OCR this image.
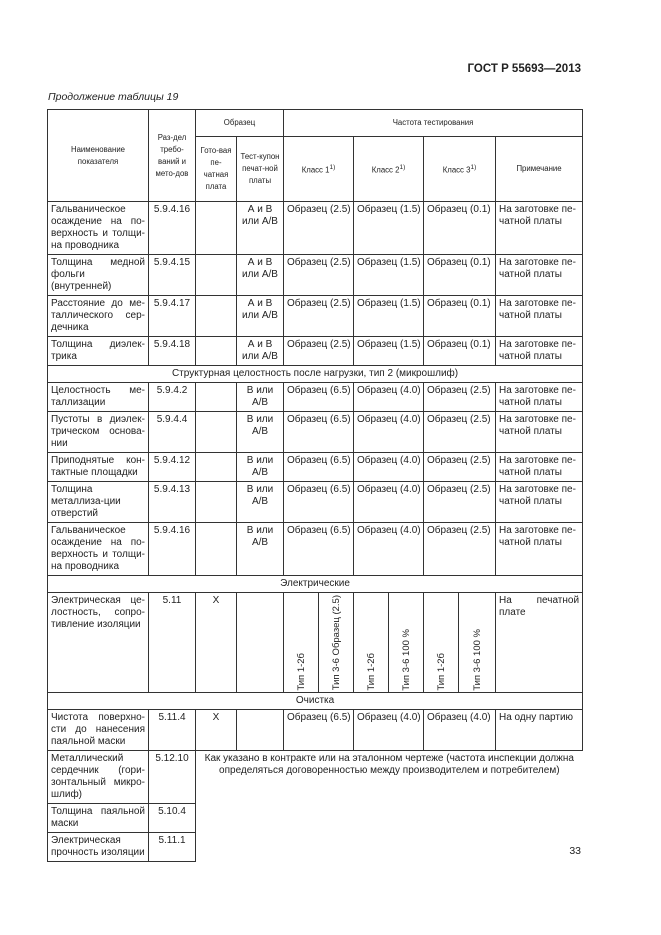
ГОСТ Р 55693—2013
Продолжение таблицы 19
Наименование показателя	Раз-дел требо-ваний и мето-дов	Образец		Частота тестирования						
		Гото-вая пе-чатная плата	Тест-купон печат-ной платы	Класс 1$^{1)}$		Класс 2$^{1)}$		Класс 3$^{1)}$		Примечание
Гальваническое осаждение на по-верхность и толщи-на проводника	5.9.4.16		А и В или A/B	Образец (2.5)		Образец (1.5)		Образец (0.1)		На заготовке пе-чатной платы
Толщина медной фольги (внутренней)	5.9.4.15		А и В или A/B	Образец (2.5)		Образец (1.5)		Образец (0.1)		На заготовке пе-чатной платы
Расстояние до ме-таллического сер-дечника	5.9.4.17		А и В или A/B	Образец (2.5)		Образец (1.5)		Образец (0.1)		На заготовке пе-чатной платы
Толщина диэлек-трика	5.9.4.18		А и В или A/B	Образец (2.5)		Образец (1.5)		Образец (0.1)		На заготовке пе-чатной платы
Структурная целостность после нагрузки, тип 2 (микрошлиф)										
Целостность ме-таллизации	5.9.4.2		В или A/B	Образец (6.5)		Образец (4.0)		Образец (2.5)		На заготовке пе-чатной платы
Пустоты в диэлек-трическом основа-нии	5.9.4.4		В или A/B	Образец (6.5)		Образец (4.0)		Образец (2.5)		На заготовке пе-чатной платы
Приподнятые кон-тактные площадки	5.9.4.12		В или A/B	Образец (6.5)		Образец (4.0)		Образец (2.5)		На заготовке пе-чатной платы
Толщина металлиза-ции отверстий	5.9.4.13		В или A/B	Образец (6.5)		Образец (4.0)		Образец (2.5)		На заготовке пе-чатной платы
Гальваническое осаждение на по-верхность и толщи-на проводника	5.9.4.16		В или A/B	Образец (6.5)		Образец (4.0)		Образец (2.5)		На заготовке пе-чатной платы
Электрические										
Электрическая це-лостность, сопро-тивление изоляции	5.11	X		Тип 1-2б	Тип 3-6 Образец (2.5)	Тип 1-2б	Тип 3-6 100 %	Тип 1-2б	Тип 3-6 100 %	На печатной плате
Очистка										
Чистота поверхно-сти до нанесения паяльной маски	5.11.4	X		Образец (6.5)		Образец (4.0)		Образец (4.0)		На одну партию
Металлический сердечник (гори-зонтальный микро-шлиф)	5.12.10	Как указано в контракте или на эталонном чертеже (частота инспекции должна определяться договоренностью между производителем и потребителем)								
Толщина паяльной маски	5.10.4									
Электрическая прочность изоляции	5.11.1									
33
